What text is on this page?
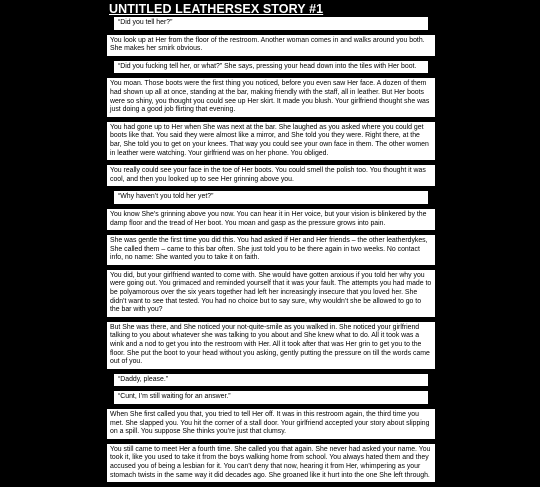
UNTITLED LEATHERSEX STORY #1
“Did you tell her?”
You look up at Her from the floor of the restroom. Another woman comes in and walks around you both. She makes her smirk obvious.
“Did you fucking tell her, or what?” She says, pressing your head down into the tiles with Her boot.
You moan. Those boots were the first thing you noticed, before you even saw Her face. A dozen of them had shown up all at once, standing at the bar, making friendly with the staff, all in leather. But Her boots were so shiny, you thought you could see up Her skirt. It made you blush. Your girlfriend thought she was just doing a good job flirting that evening.
You had gone up to Her when She was next at the bar. She laughed as you asked where you could get boots like that. You said they were almost like a mirror, and She told you they were. Right there, at the bar, She told you to get on your knees. That way you could see your own face in them. The other women in leather were watching. Your girlfriend was on her phone. You obliged.
You really could see your face in the toe of Her boots. You could smell the polish too. You thought it was cool, and then you looked up to see Her grinning above you.
“Why haven’t you told her yet?”
You know She’s grinning above you now. You can hear it in Her voice, but your vision is blinkered by the damp floor and the tread of Her boot. You moan and gasp as the pressure grows into pain.
She was gentle the first time you did this. You had asked if Her and Her friends – the other leatherdykes, She called them – came to this bar often. She just told you to be there again in two weeks. No contact info, no name: She wanted you to take it on faith.
You did, but your girlfriend wanted to come with. She would have gotten anxious if you told her why you were going out. You grimaced and reminded yourself that it was your fault. The attempts you had made to be polyamorous over the six years together had left her increasingly insecure that you loved her. She didn’t want to see that tested. You had no choice but to say sure, why wouldn’t she be allowed to go to the bar with you?
But She was there, and She noticed your not-quite-smile as you walked in. She noticed your girlfriend talking to you about whatever she was talking to you about and She knew what to do. All it took was a wink and a nod to get you into the restroom with Her. All it took after that was Her grin to get you to the floor. She put the boot to your head without you asking, gently putting the pressure on till the words came out of you.
“Daddy, please.”
“Cunt, I’m still waiting for an answer.”
When She first called you that, you tried to tell Her off. It was in this restroom again, the third time you met. She slapped you. You hit the corner of a stall door. Your girlfriend accepted your story about slipping on a spill. You suppose She thinks you’re just that clumsy.
You still came to meet Her a fourth time. She called you that again. She never had asked your name. You took it, like you used to take it from the boys walking home from school. You always hated them and they accused you of being a lesbian for it. You can’t deny that now, hearing it from Her, whimpering as your stomach twists in the same way it did decades ago. She groaned like it hurt into the one She left through.
